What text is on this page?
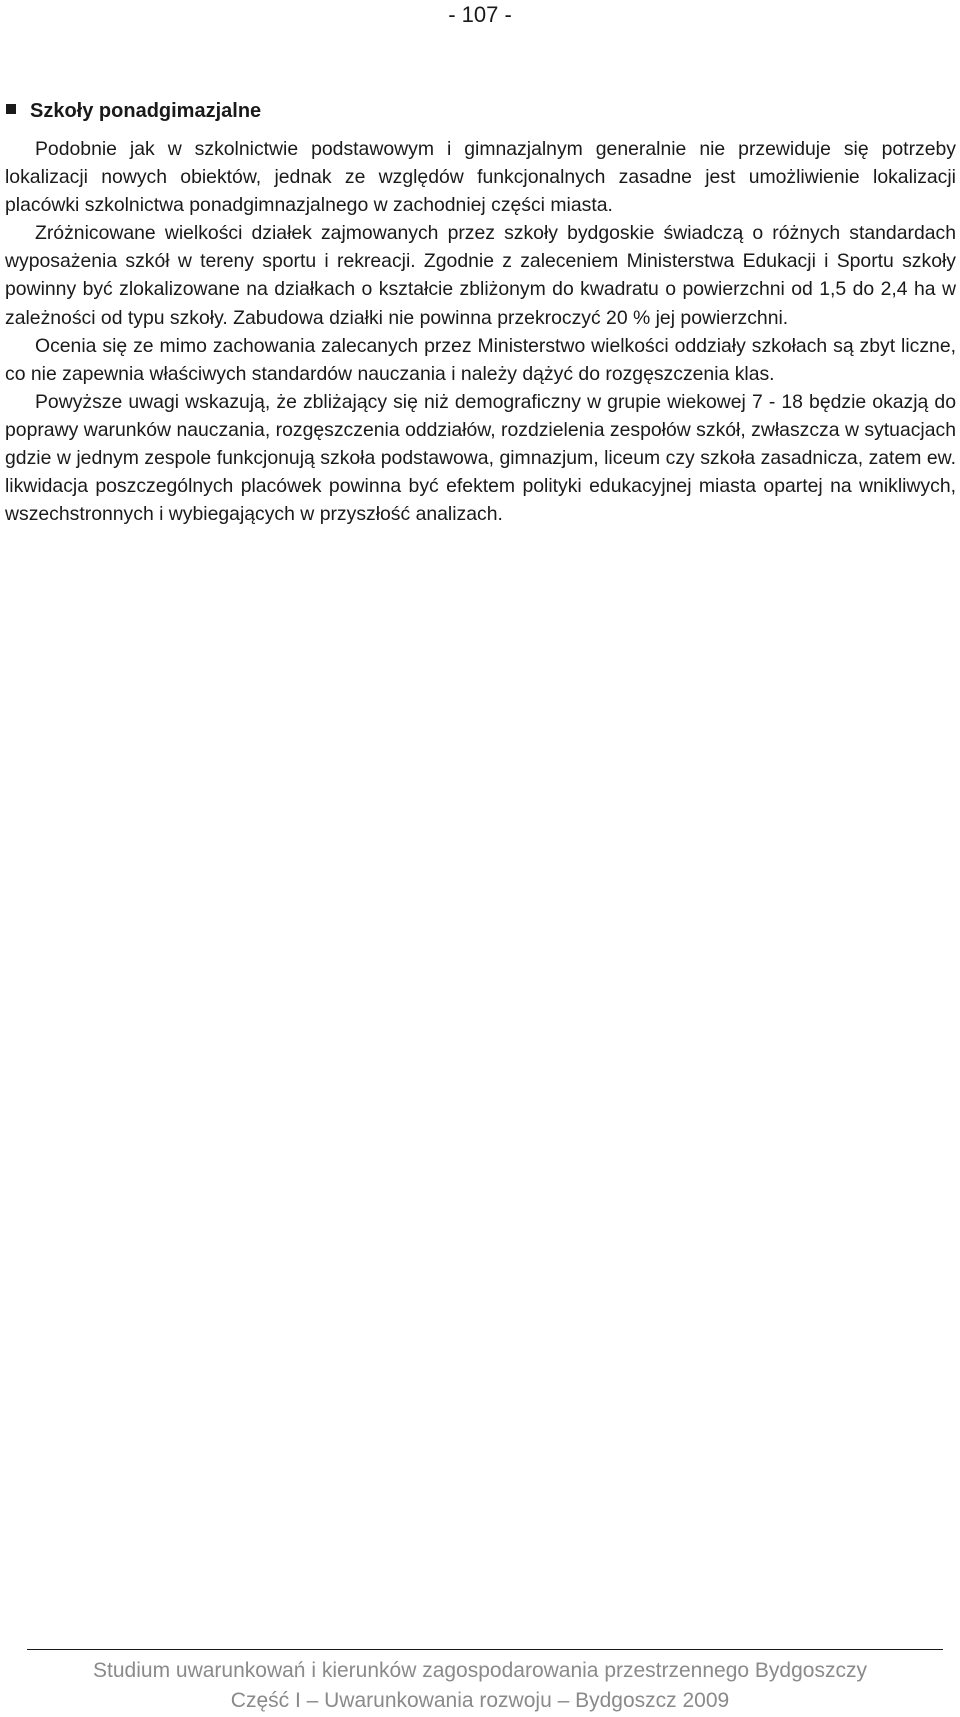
- 107 -
Szkoły ponadgimazjalne

Podobnie jak w szkolnictwie podstawowym i gimnazjalnym generalnie nie przewiduje się potrzeby lokalizacji nowych obiektów, jednak ze względów funkcjonalnych zasadne jest umożliwienie lokalizacji placówki szkolnictwa ponadgimnazjalnego w zachodniej części miasta.

Zróżnicowane wielkości działek zajmowanych przez szkoły bydgoskie świadczą o różnych standardach wyposażenia szkół w tereny sportu i rekreacji. Zgodnie z zaleceniem Ministerstwa Edukacji i Sportu szkoły powinny być zlokalizowane na działkach o kształcie zbliżonym do kwadratu o powierzchni od 1,5 do 2,4 ha w zależności od typu szkoły. Zabudowa działki nie powinna przekroczyć 20 % jej powierzchni.

Ocenia się ze mimo zachowania zalecanych przez Ministerstwo wielkości oddziały szkołach są zbyt liczne, co nie zapewnia właściwych standardów nauczania i należy dążyć do rozgęszczenia klas.

Powyższe uwagi wskazują, że zbliżający się niż demograficzny w grupie wiekowej 7 - 18 będzie okazją do poprawy warunków nauczania, rozgęszczenia oddziałów, rozdzielenia zespołów szkół, zwłaszcza w sytuacjach gdzie w jednym zespole funkcjonują szkoła podstawowa, gimnazjum, liceum czy szkoła zasadnicza, zatem ew. likwidacja poszczególnych placówek powinna być efektem polityki edukacyjnej miasta opartej na wnikliwych, wszechstronnych i wybiegających w przyszłość analizach.

Studium uwarunkowań i kierunków zagospodarowania przestrzennego Bydgoszczy
Część I – Uwarunkowania rozwoju – Bydgoszcz 2009
